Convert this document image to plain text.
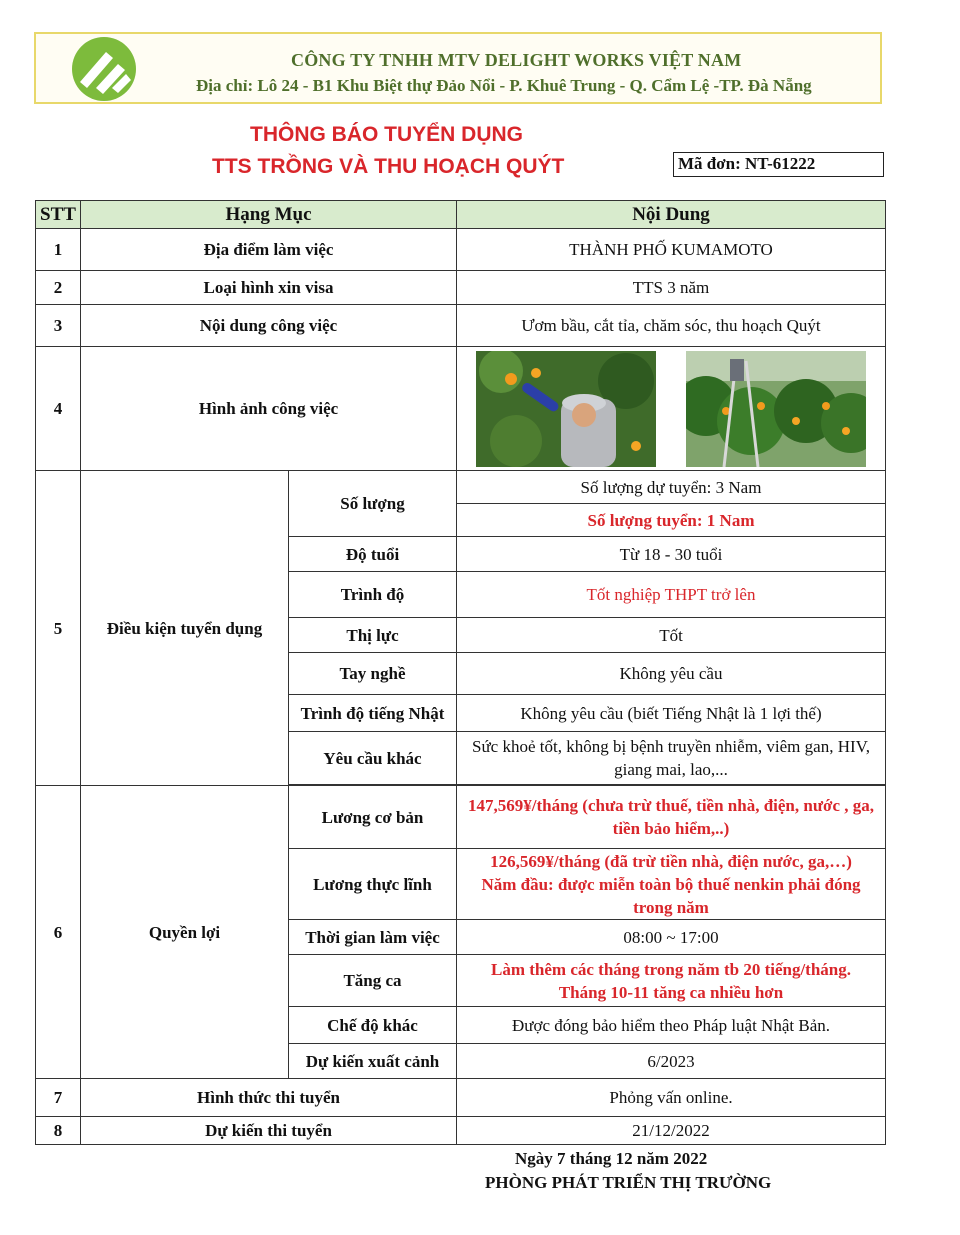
CÔNG TY TNHH MTV DELIGHT WORKS VIỆT NAM
Địa chỉ: Lô 24 - B1 Khu Biệt thự Đảo Nổi - P. Khuê Trung - Q. Cẩm Lệ -TP. Đà Nẵng
THÔNG BÁO TUYỂN DỤNG
TTS TRỒNG VÀ THU HOẠCH QUÝT	Mã đơn: NT-61222
STT	Hạng Mục		Nội Dung
1	Địa điểm làm việc		THÀNH PHỐ KUMAMOTO
2	Loại hình xin visa		TTS 3 năm
3	Nội dung công việc		Ươm bầu, cắt tỉa, chăm sóc, thu hoạch Quýt
4	Hình ảnh công việc	
5	Điều kiện tuyển dụng	Số lượng	Số lượng dự tuyển: 3 Nam
			Số lượng tuyển: 1 Nam
		Độ tuổi	Từ 18 - 30 tuổi
		Trình độ	Tốt nghiệp THPT trở lên
		Thị lực	Tốt
		Tay nghề	Không yêu cầu
		Trình độ tiếng Nhật	Không yêu cầu (biết Tiếng Nhật là 1 lợi thế)
		Yêu cầu khác	Sức khoẻ tốt, không bị bệnh truyền nhiễm, viêm gan, HIV, giang mai, lao,...

6	Quyền lợi	Lương cơ bản	147,569¥/tháng (chưa trừ thuế, tiền nhà, điện, nước , ga, tiền bảo hiểm,..)
		Lương thực lĩnh	126,569¥/tháng (đã trừ tiền nhà, điện nước, ga,…)
Năm đầu: được miễn toàn bộ thuế nenkin phải đóng trong năm

		Thời gian làm việc	08:00 ~ 17:00
		Tăng ca	Làm thêm các tháng trong năm tb 20 tiếng/tháng.
Tháng 10-11 tăng ca nhiều hơn

		Chế độ khác	Được đóng bảo hiểm theo Pháp luật Nhật Bản.
		Dự kiến xuất cảnh	6/2023
7	Hình thức thi tuyển		Phỏng vấn online.
8	Dự kiến thi tuyển		21/12/2022
Ngày 7 tháng 12 năm 2022
PHÒNG PHÁT TRIỂN THỊ TRƯỜNG
